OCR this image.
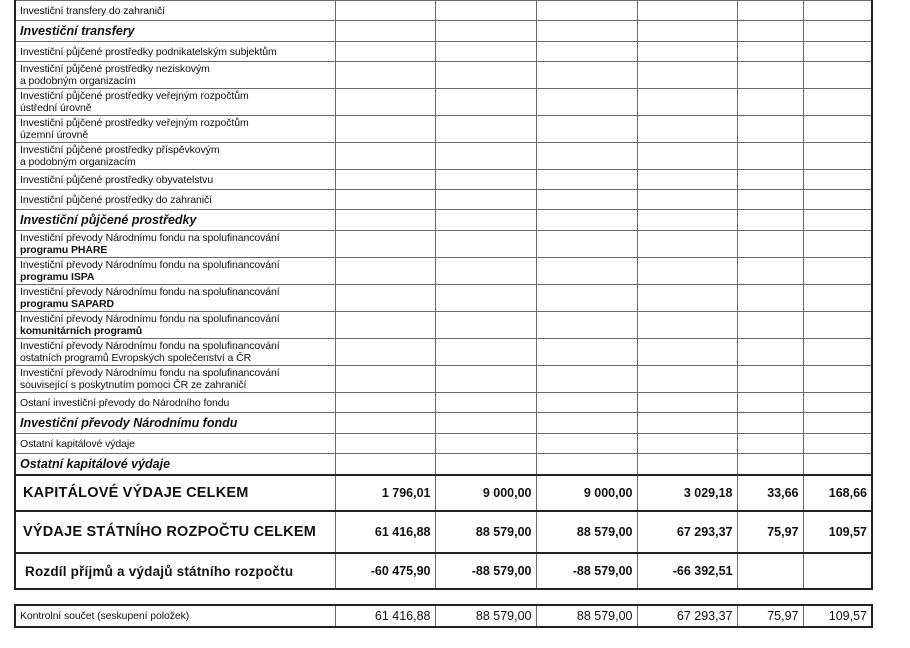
Investiční transfery do zahraničí						
Investiční transfery						
Investiční půjčené prostředky podnikatelským subjektům						
Investiční půjčené prostředky neziskovým
a podobným organizacím						
Investiční půjčené prostředky veřejným rozpočtům
ústřední úrovně						
Investiční půjčené prostředky veřejným rozpočtům
územní úrovně						
Investiční půjčené prostředky příspěvkovým
a podobným organizacím						
Investiční půjčené prostředky obyvatelstvu						
Investiční půjčené prostředky do zahraničí						
Investiční půjčené prostředky						
Investiční převody Národnímu fondu na spolufinancování
programu PHARE						
Investiční převody Národnímu fondu na spolufinancování
programu ISPA						
Investiční převody Národnímu fondu na spolufinancování
programu SAPARD						
Investiční převody Národnímu fondu na spolufinancování
komunitárních programů						
Investiční převody Národnímu fondu na spolufinancování
ostatních programů Evropských společenství a ČR						
Investiční převody Národnímu fondu na spolufinancování
související s poskytnutím pomoci ČR ze zahraničí						
Ostaní investiční převody do Národního fondu						
Investiční převody Národnímu fondu						
Ostatní kapitálové výdaje						
Ostatní kapitálové výdaje						
KAPITÁLOVÉ VÝDAJE CELKEM	1 796,01	9 000,00	9 000,00	3 029,18	33,66	168,66
VÝDAJE STÁTNÍHO ROZPOČTU CELKEM	61 416,88	88 579,00	88 579,00	67 293,37	75,97	109,57
Rozdíl příjmů a výdajů státního rozpočtu	-60 475,90	-88 579,00	-88 579,00	-66 392,51		
Kontrolní součet (seskupení položek)	61 416,88	88 579,00	88 579,00	67 293,37	75,97	109,57
